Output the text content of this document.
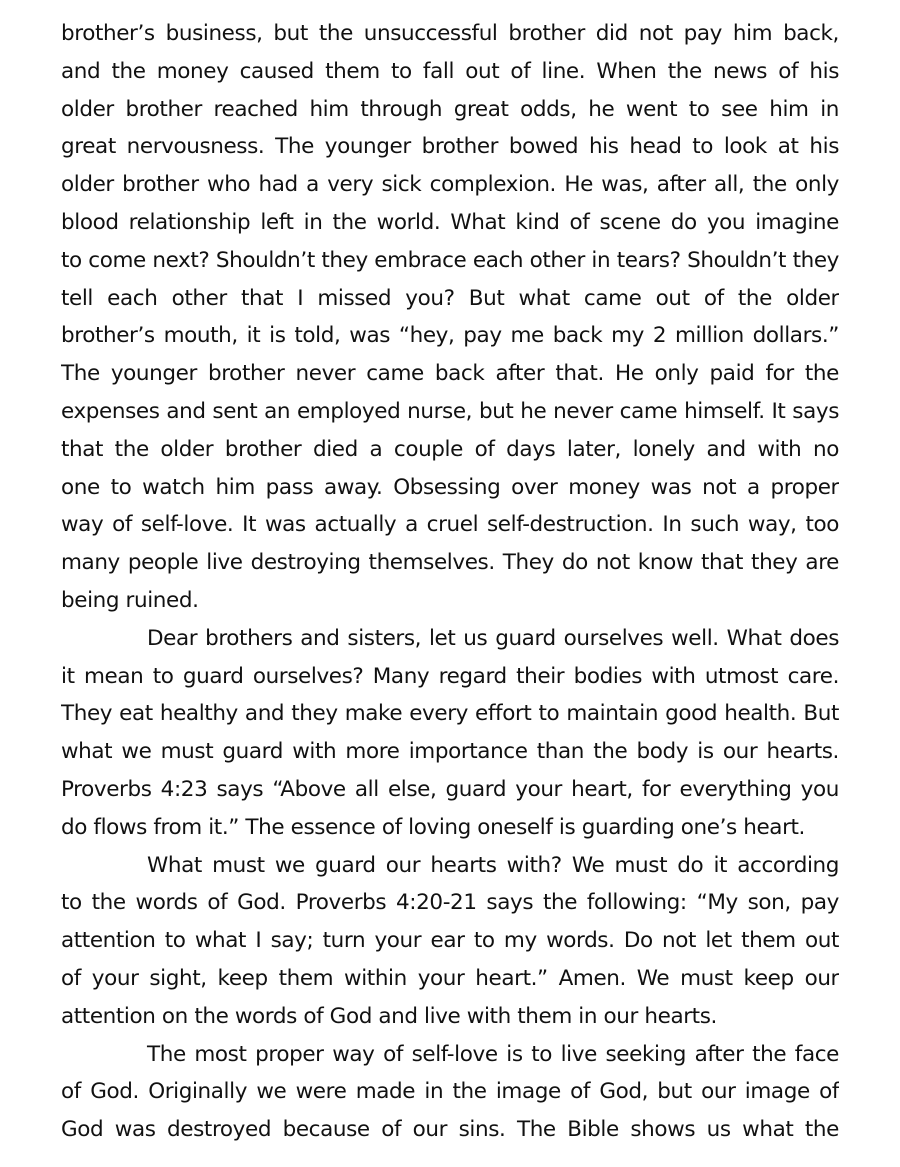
brother’s business, but the unsuccessful brother did not pay him back,
and the money caused them to fall out of line. When the news of his
older brother reached him through great odds, he went to see him in
great nervousness. The younger brother bowed his head to look at his
older brother who had a very sick complexion. He was, after all, the only
blood relationship left in the world. What kind of scene do you imagine
to come next? Shouldn’t they embrace each other in tears? Shouldn’t they
tell each other that I missed you? But what came out of the older
brother’s mouth, it is told, was “hey, pay me back my 2 million dollars.”
The younger brother never came back after that. He only paid for the
expenses and sent an employed nurse, but he never came himself. It says
that the older brother died a couple of days later, lonely and with no
one to watch him pass away. Obsessing over money was not a proper
way of self-love. It was actually a cruel self-destruction. In such way, too
many people live destroying themselves. They do not know that they are
being ruined.
Dear brothers and sisters, let us guard ourselves well. What does
it mean to guard ourselves? Many regard their bodies with utmost care.
They eat healthy and they make every effort to maintain good health. But
what we must guard with more importance than the body is our hearts.
Proverbs 4:23 says “Above all else, guard your heart, for everything you
do flows from it.” The essence of loving oneself is guarding one’s heart.
What must we guard our hearts with? We must do it according
to the words of God. Proverbs 4:20-21 says the following: “My son, pay
attention to what I say; turn your ear to my words. Do not let them out
of your sight, keep them within your heart.” Amen. We must keep our
attention on the words of God and live with them in our hearts.
The most proper way of self-love is to live seeking after the face
of God. Originally we were made in the image of God, but our image of
God was destroyed because of our sins. The Bible shows us what the
